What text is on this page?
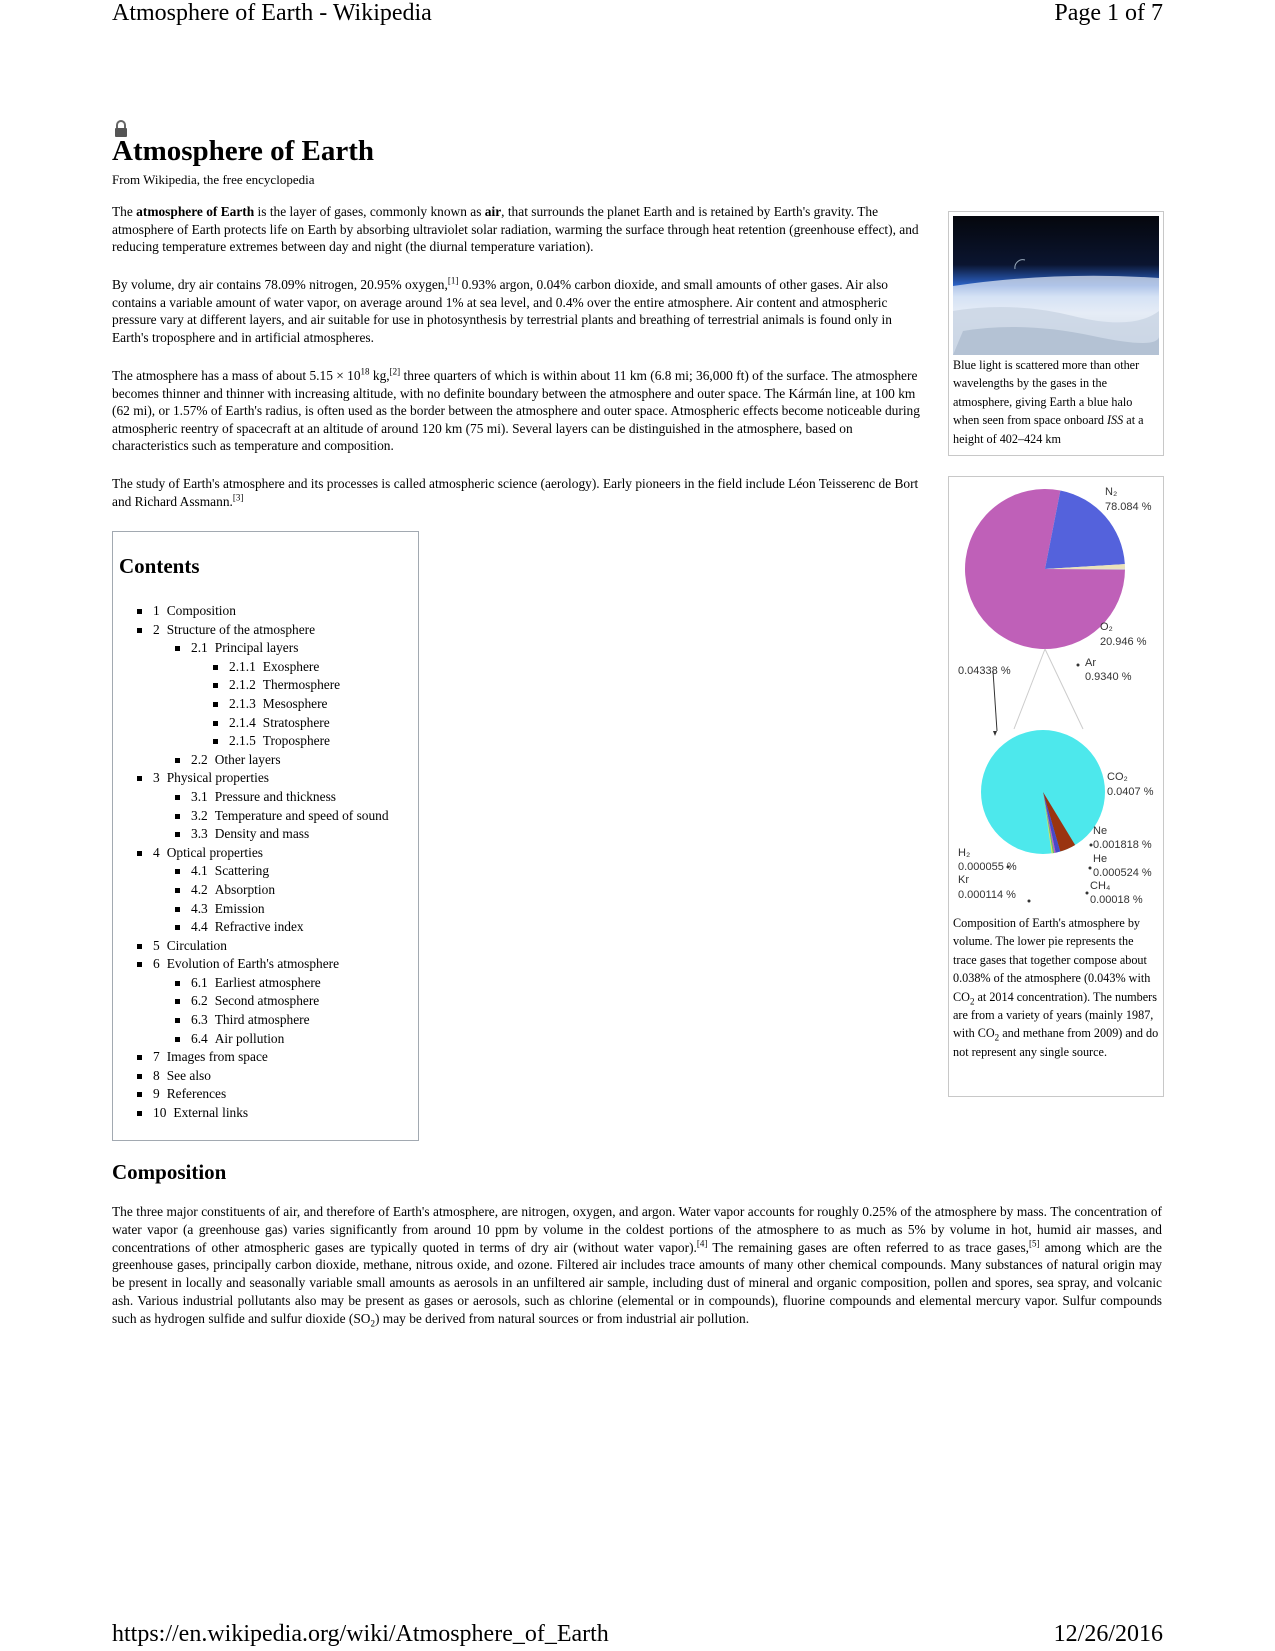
Atmosphere of Earth - Wikipedia	Page 1 of 7
Atmosphere of Earth
From Wikipedia, the free encyclopedia

The atmosphere of Earth is the layer of gases, commonly known as air, that surrounds the planet Earth and is retained by Earth's gravity. The atmosphere of Earth protects life on Earth by absorbing ultraviolet solar radiation, warming the surface through heat retention (greenhouse effect), and reducing temperature extremes between day and night (the diurnal temperature variation).

By volume, dry air contains 78.09% nitrogen, 20.95% oxygen,[1] 0.93% argon, 0.04% carbon dioxide, and small amounts of other gases. Air also contains a variable amount of water vapor, on average around 1% at sea level, and 0.4% over the entire atmosphere. Air content and atmospheric pressure vary at different layers, and air suitable for use in photosynthesis by terrestrial plants and breathing of terrestrial animals is found only in Earth's troposphere and in artificial atmospheres.

The atmosphere has a mass of about $5.15 \times 10^{18}$ kg,[2] three quarters of which is within about 11 km (6.8 mi; 36,000 ft) of the surface. The atmosphere becomes thinner and thinner with increasing altitude, with no definite boundary between the atmosphere and outer space. The Kármán line, at 100 km (62 mi), or 1.57% of Earth's radius, is often used as the border between the atmosphere and outer space. Atmospheric effects become noticeable during atmospheric reentry of spacecraft at an altitude of around 120 km (75 mi). Several layers can be distinguished in the atmosphere, based on characteristics such as temperature and composition.

The study of Earth's atmosphere and its processes is called atmospheric science (aerology). Early pioneers in the field include Léon Teisserenc de Bort and Richard Assmann.[3]

Blue light is scattered more than other wavelengths by the gases in the atmosphere, giving Earth a blue halo when seen from space onboard ISS at a height of 402–424 km
N₂
78.084 %
O₂
20.946 %
Ar
0.9340 %
0.04338 %
CO₂
0.0407 %
Ne
0.001818 %
He
0.000524 %
CH₄
0.00018 %
H₂
0.000055 %
Kr
0.000114 %
Composition of Earth's atmosphere by volume. The lower pie represents the trace gases that together compose about 0.038% of the atmosphere (0.043% with $CO_2$ at 2014 concentration). The numbers are from a variety of years (mainly 1987, with $CO_2$ and methane from 2009) and do not represent any single source.
Contents
1 Composition
2 Structure of the atmosphere
2.1 Principal layers
2.1.1 Exosphere
2.1.2 Thermosphere
2.1.3 Mesosphere
2.1.4 Stratosphere
2.1.5 Troposphere
2.2 Other layers
3 Physical properties
3.1 Pressure and thickness
3.2 Temperature and speed of sound
3.3 Density and mass
4 Optical properties
4.1 Scattering
4.2 Absorption
4.3 Emission
4.4 Refractive index
5 Circulation
6 Evolution of Earth's atmosphere
6.1 Earliest atmosphere
6.2 Second atmosphere
6.3 Third atmosphere
6.4 Air pollution
7 Images from space
8 See also
9 References
10 External links
Composition

The three major constituents of air, and therefore of Earth's atmosphere, are nitrogen, oxygen, and argon. Water vapor accounts for roughly 0.25% of the atmosphere by mass. The concentration of water vapor (a greenhouse gas) varies significantly from around 10 ppm by volume in the coldest portions of the atmosphere to as much as 5% by volume in hot, humid air masses, and concentrations of other atmospheric gases are typically quoted in terms of dry air (without water vapor).[4] The remaining gases are often referred to as trace gases,[5] among which are the greenhouse gases, principally carbon dioxide, methane, nitrous oxide, and ozone. Filtered air includes trace amounts of many other chemical compounds. Many substances of natural origin may be present in locally and seasonally variable small amounts as aerosols in an unfiltered air sample, including dust of mineral and organic composition, pollen and spores, sea spray, and volcanic ash. Various industrial pollutants also may be present as gases or aerosols, such as chlorine (elemental or in compounds), fluorine compounds and elemental mercury vapor. Sulfur compounds such as hydrogen sulfide and sulfur dioxide $(SO_2)$ may be derived from natural sources or from industrial air pollution.

https://en.wikipedia.org/wiki/Atmosphere_of_Earth	12/26/2016
